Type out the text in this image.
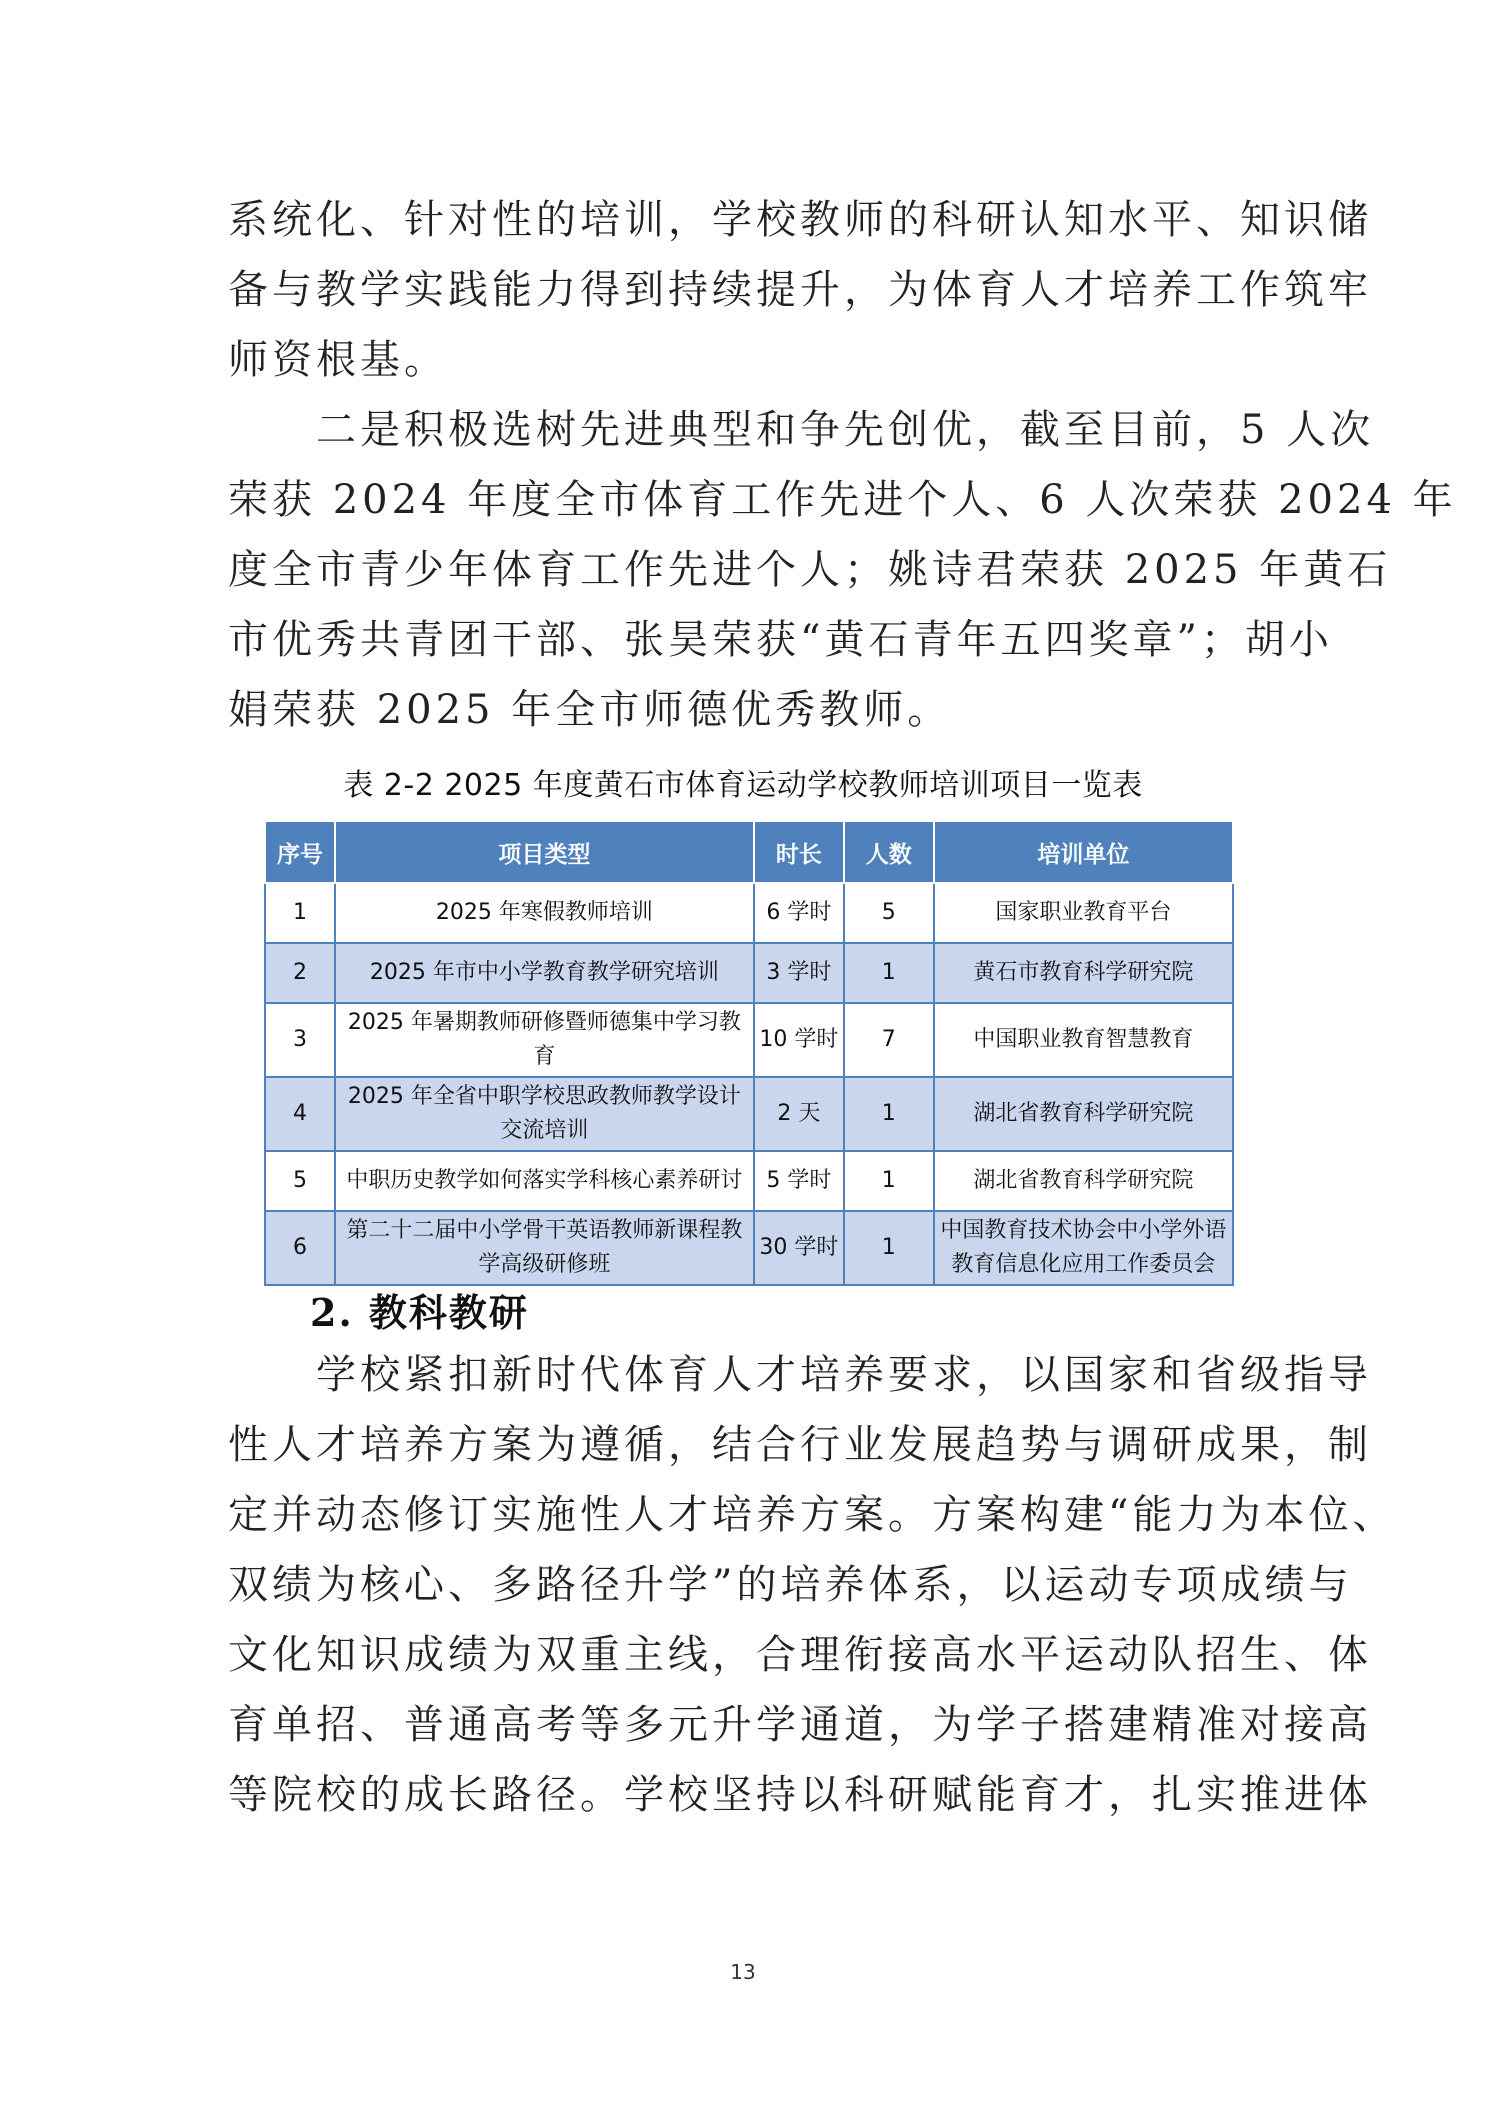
系统化、针对性的培训，学校教师的科研认知水平、知识储
备与教学实践能力得到持续提升，为体育人才培养工作筑牢
师资根基。
　　二是积极选树先进典型和争先创优，截至目前，5 人次
荣获 2024 年度全市体育工作先进个人、6 人次荣获 2024 年
度全市青少年体育工作先进个人；姚诗君荣获 2025 年黄石
市优秀共青团干部、张昊荣获“黄石青年五四奖章”；胡小
娟荣获 2025 年全市师德优秀教师。
表 2-2 2025 年度黄石市体育运动学校教师培训项目一览表
序号	项目类型	时长	人数	培训单位
1	2025 年寒假教师培训	6 学时	5	国家职业教育平台
2	2025 年市中小学教育教学研究培训	3 学时	1	黄石市教育科学研究院
3	2025 年暑期教师研修暨师德集中学习教育	10 学时	7	中国职业教育智慧教育
4	2025 年全省中职学校思政教师教学设计交流培训	2 天	1	湖北省教育科学研究院
5	中职历史教学如何落实学科核心素养研讨	5 学时	1	湖北省教育科学研究院
6	第二十二届中小学骨干英语教师新课程教学高级研修班	30 学时	1	中国教育技术协会中小学外语教育信息化应用工作委员会
2. 教科教研
　　学校紧扣新时代体育人才培养要求，以国家和省级指导
性人才培养方案为遵循，结合行业发展趋势与调研成果，制
定并动态修订实施性人才培养方案。方案构建“能力为本位、
双绩为核心、多路径升学”的培养体系，以运动专项成绩与
文化知识成绩为双重主线，合理衔接高水平运动队招生、体
育单招、普通高考等多元升学通道，为学子搭建精准对接高
等院校的成长路径。学校坚持以科研赋能育才，扎实推进体
13
